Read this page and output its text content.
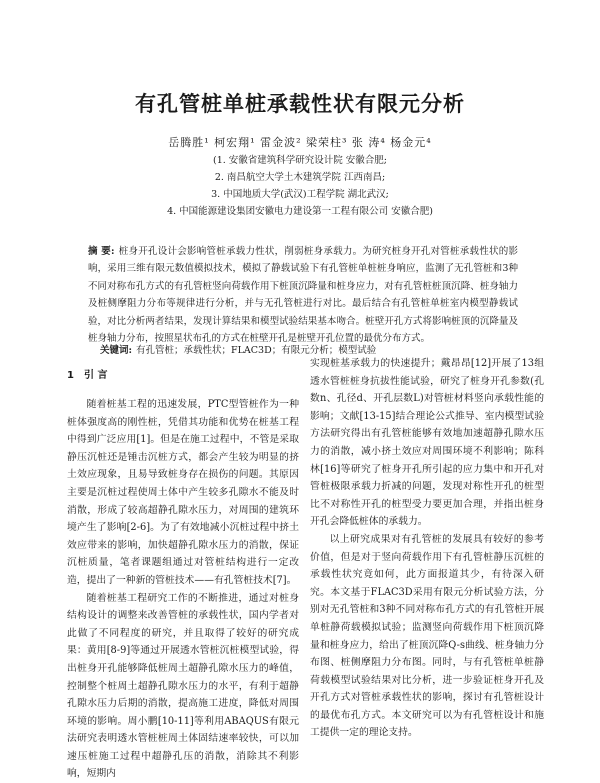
有孔管桩单桩承载性状有限元分析
岳腾胜¹ 柯宏翔¹ 雷金波² 梁荣柱³ 张 涛⁴ 杨金元⁴
(1. 安徽省建筑科学研究设计院 安徽合肥;
2. 南昌航空大学土木建筑学院 江西南昌;
3. 中国地质大学(武汉)工程学院 湖北武汉;
4. 中国能源建设集团安徽电力建设第一工程有限公司 安徽合肥)
摘 要: 桩身开孔设计会影响管桩承载力性状，削弱桩身承载力。为研究桩身开孔对管桩承载性状的影响，采用三维有限元数值模拟技术，模拟了静载试验下有孔管桩单桩桩身响应，监测了无孔管桩和3种不同对称布孔方式的有孔管桩竖向荷载作用下桩顶沉降量和桩身应力，对有孔管桩桩顶沉降、桩身轴力及桩侧摩阻力分布等规律进行分析，并与无孔管桩进行对比。最后结合有孔管桩单桩室内模型静载试验，对比分析两者结果，发现计算结果和模型试验结果基本吻合。桩壁开孔方式将影响桩顶的沉降量及桩身轴力分布，按照星状布孔的方式在桩壁开孔是桩壁开孔位置的最优分布方式。
关键词: 有孔管桩；承载性状；FLAC3D；有限元分析；模型试验
1 引 言

随着桩基工程的迅速发展，PTC型管桩作为一种桩体强度高的刚性桩，凭借其功能和优势在桩基工程中得到广泛应用[1]。但是在施工过程中，不管是采取静压沉桩还是锤击沉桩方式，都会产生较为明显的挤土效应现象，且易导致桩身存在损伤的问题。其原因主要是沉桩过程使周土体中产生较多孔隙水不能及时消散，形成了较高超静孔隙水压力，对周围的建筑环境产生了影响[2-6]。为了有效地减小沉桩过程中挤土效应带来的影响，加快超静孔隙水压力的消散，保证沉桩质量，笔者课题组通过对管桩结构进行一定改造，提出了一种新的管桩技术——有孔管桩技术[7]。

随着桩基工程研究工作的不断推进，通过对桩身结构设计的调整来改善管桩的承载性状，国内学者对此做了不同程度的研究，并且取得了较好的研究成果：黄用[8-9]等通过开展透水管桩沉桩模型试验，得出桩身开孔能够降低桩周土超静孔隙水压力的峰值，控制整个桩周土超静孔隙水压力的水平，有利于超静孔隙水压力后期的消散，提高施工进度，降低对周围环境的影响。周小鹏[10-11]等利用ABAQUS有限元法研究表明透水管桩桩周土体固结速率较快，可以加速压桩施工过程中超静孔压的消散，消除其不利影响，短期内

实现桩基承载力的快速提升；戴昂昂[12]开展了13组透水管桩桩身抗拔性能试验，研究了桩身开孔参数(孔数n、孔径d、开孔层数L)对管桩材料竖向承载性能的影响；文献[13-15]结合理论公式推导、室内模型试验方法研究得出有孔管桩能够有效地加速超静孔隙水压力的消散，减小挤土效应对周围环境不利影响；陈科林[16]等研究了桩身开孔所引起的应力集中和开孔对管桩极限承载力折减的问题，发现对称性开孔的桩型比不对称性开孔的桩型受力要更加合理，并指出桩身开孔会降低桩体的承载力。

以上研究成果对有孔管桩的发展具有较好的参考价值，但是对于竖向荷载作用下有孔管桩静压沉桩的承载性状究竟如何，此方面报道其少，有待深入研究。本文基于FLAC3D采用有限元分析试验方法，分别对无孔管桩和3种不同对称布孔方式的有孔管桩开展单桩静荷载模拟试验；监测竖向荷载作用下桩顶沉降量和桩身应力，给出了桩顶沉降Q-s曲线、桩身轴力分布图、桩侧摩阻力分布图。同时，与有孔管桩单桩静荷载模型试验结果对比分析，进一步验证桩身开孔及开孔方式对管桩承载性状的影响，探讨有孔管桩设计的最优布孔方式。本文研究可以为有孔管桩设计和施工提供一定的理论支持。
